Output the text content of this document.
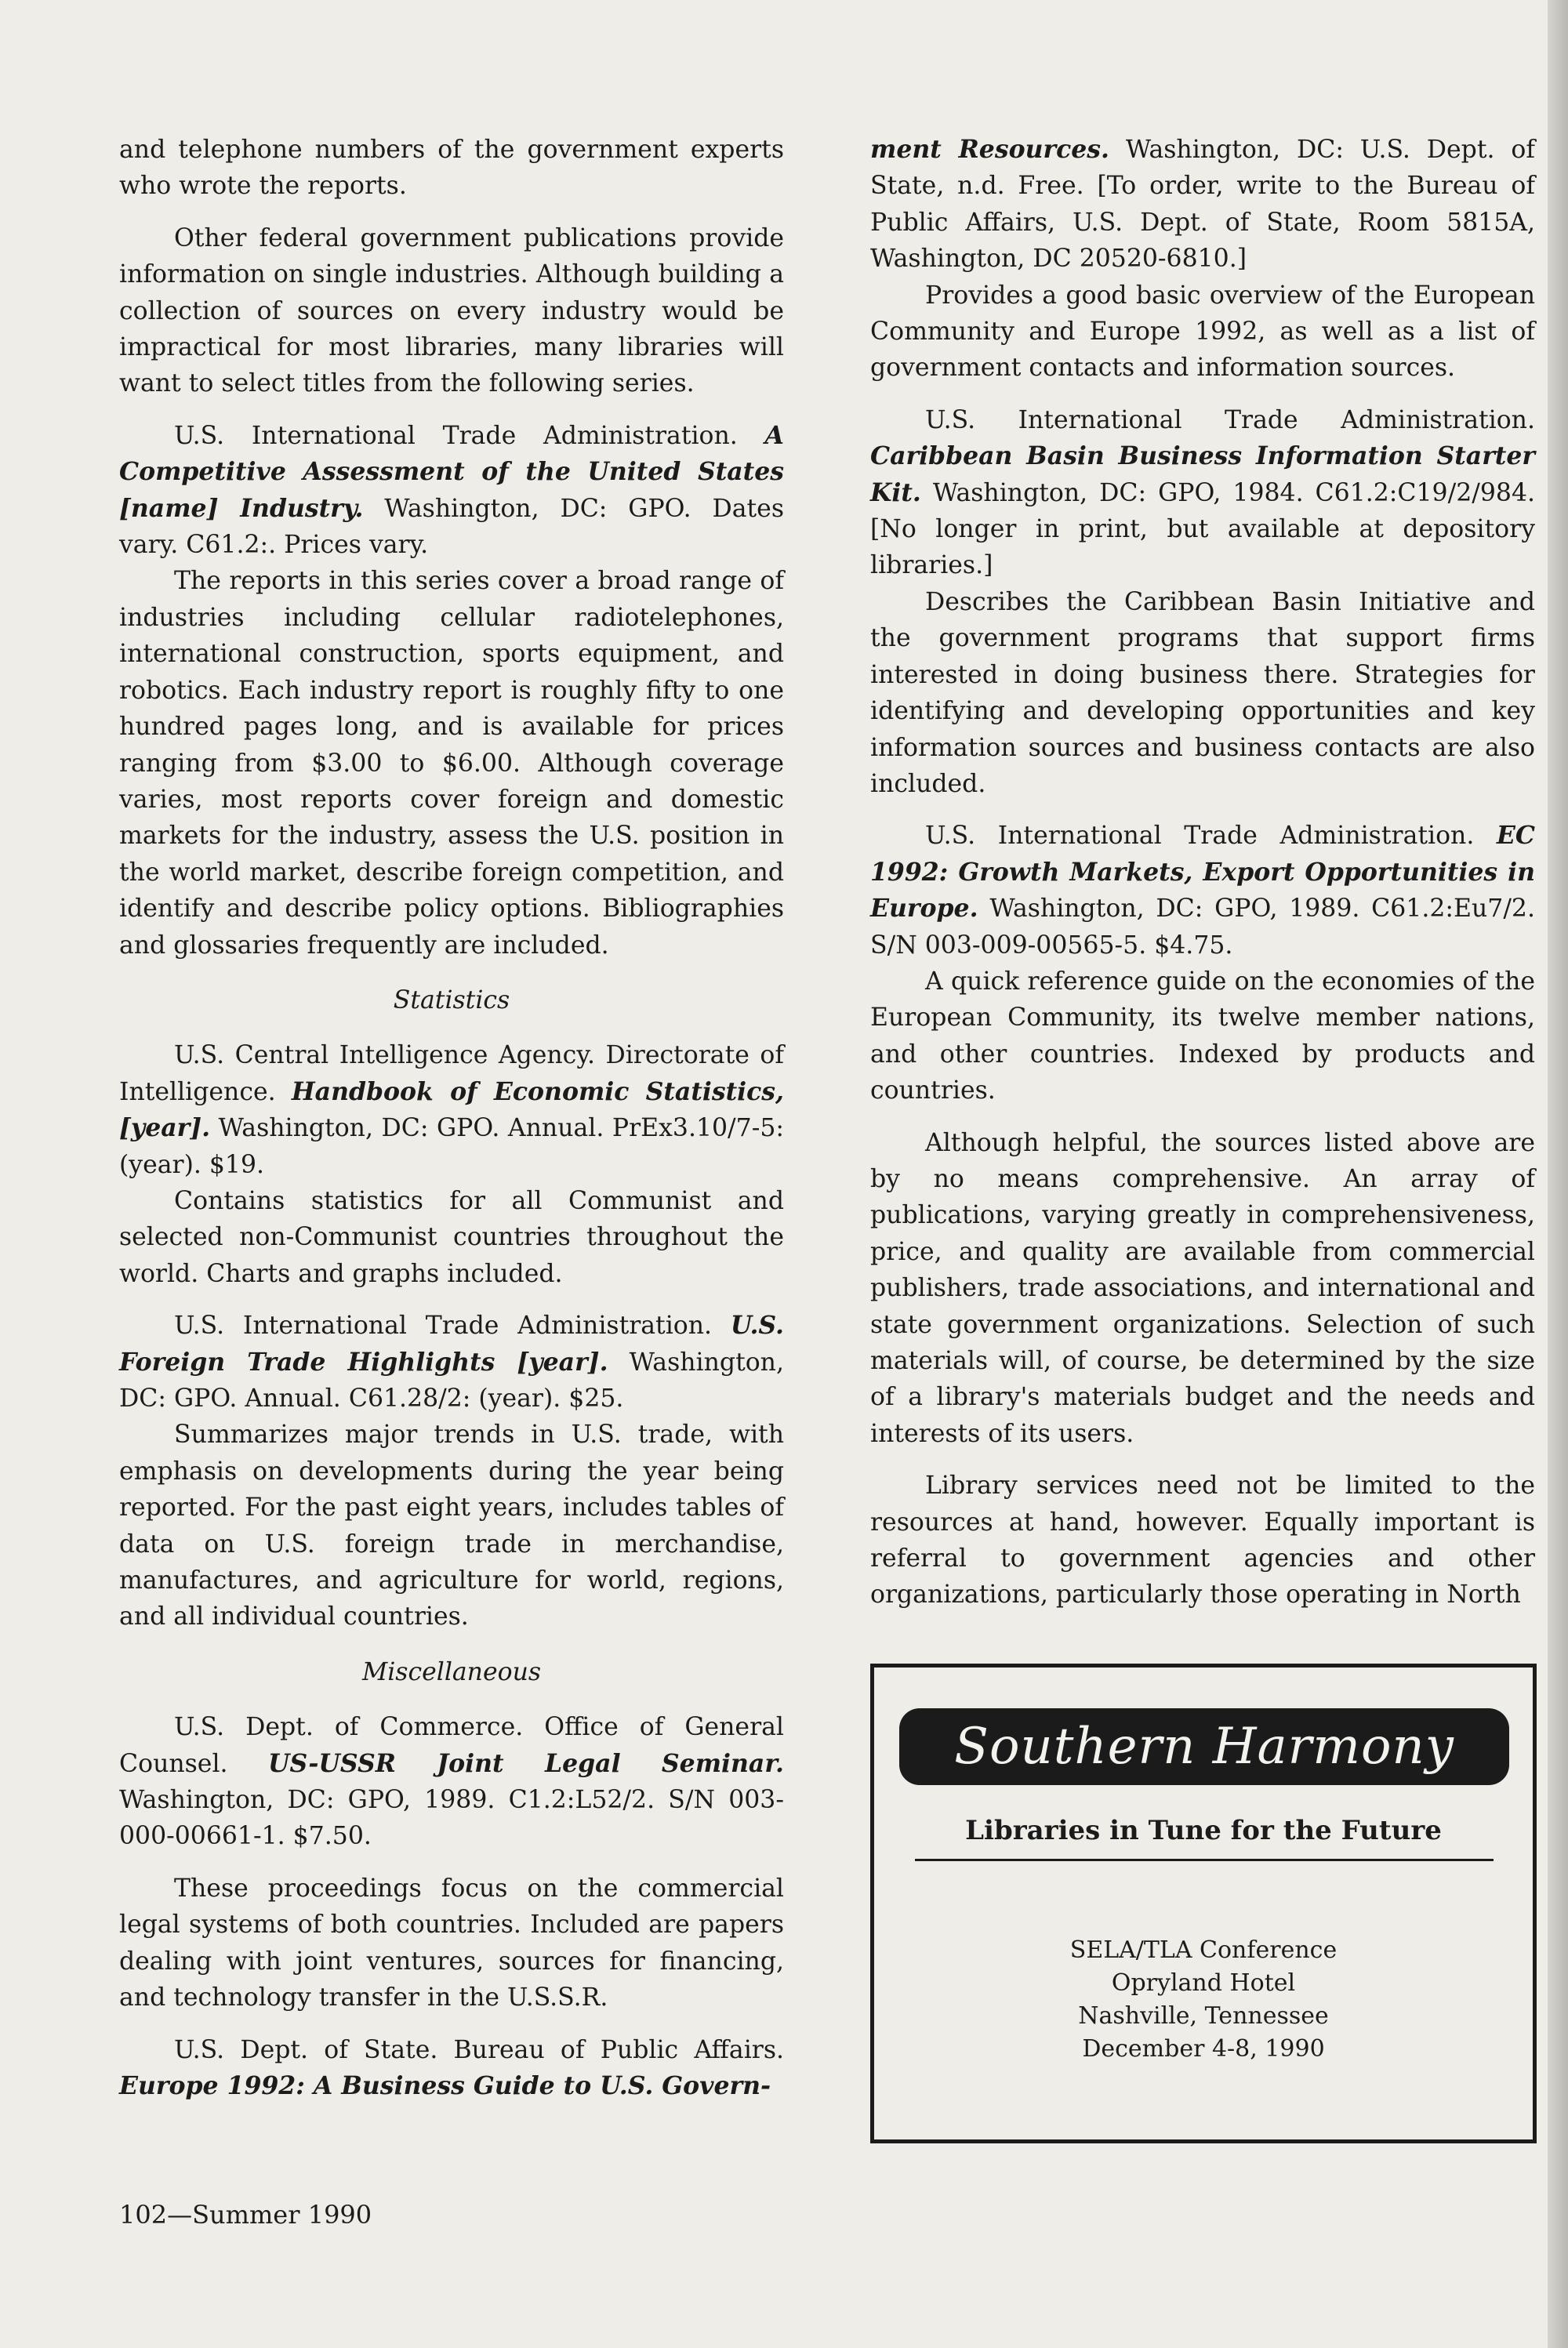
and telephone numbers of the government experts who wrote the reports.

Other federal government publications provide information on single industries. Although building a collection of sources on every industry would be impractical for most libraries, many libraries will want to select titles from the following series.

U.S. International Trade Administration. A Competitive Assessment of the United States [name] Industry. Washington, DC: GPO. Dates vary. C61.2:. Prices vary.

The reports in this series cover a broad range of industries including cellular radiotelephones, international construction, sports equipment, and robotics. Each industry report is roughly fifty to one hundred pages long, and is available for prices ranging from $3.00 to $6.00. Although coverage varies, most reports cover foreign and domestic markets for the industry, assess the U.S. position in the world market, describe foreign competition, and identify and describe policy options. Bibliographies and glossaries frequently are included.

Statistics

U.S. Central Intelligence Agency. Directorate of Intelligence. Handbook of Economic Statistics, [year]. Washington, DC: GPO. Annual. PrEx3.10/7-5: (year). $19.

Contains statistics for all Communist and selected non-Communist countries throughout the world. Charts and graphs included.

U.S. International Trade Administration. U.S. Foreign Trade Highlights [year]. Washington, DC: GPO. Annual. C61.28/2: (year). $25.

Summarizes major trends in U.S. trade, with emphasis on developments during the year being reported. For the past eight years, includes tables of data on U.S. foreign trade in merchandise, manufactures, and agriculture for world, regions, and all individual countries.

Miscellaneous

U.S. Dept. of Commerce. Office of General Counsel. US-USSR Joint Legal Seminar. Washington, DC: GPO, 1989. C1.2:L52/2. S/N 003-000-00661-1. $7.50.

These proceedings focus on the commercial legal systems of both countries. Included are papers dealing with joint ventures, sources for financing, and technology transfer in the U.S.S.R.

U.S. Dept. of State. Bureau of Public Affairs. Europe 1992: A Business Guide to U.S. Govern-

ment Resources. Washington, DC: U.S. Dept. of State, n.d. Free. [To order, write to the Bureau of Public Affairs, U.S. Dept. of State, Room 5815A, Washington, DC 20520-6810.]

Provides a good basic overview of the European Community and Europe 1992, as well as a list of government contacts and information sources.

U.S. International Trade Administration. Caribbean Basin Business Information Starter Kit. Washington, DC: GPO, 1984. C61.2:C19/2/984. [No longer in print, but available at depository libraries.]

Describes the Caribbean Basin Initiative and the government programs that support firms interested in doing business there. Strategies for identifying and developing opportunities and key information sources and business contacts are also included.

U.S. International Trade Administration. EC 1992: Growth Markets, Export Opportunities in Europe. Washington, DC: GPO, 1989. C61.2:Eu7/2. S/N 003-009-00565-5. $4.75.

A quick reference guide on the economies of the European Community, its twelve member nations, and other countries. Indexed by products and countries.

Although helpful, the sources listed above are by no means comprehensive. An array of publications, varying greatly in comprehensiveness, price, and quality are available from commercial publishers, trade associations, and international and state government organizations. Selection of such materials will, of course, be determined by the size of a library's materials budget and the needs and interests of its users.

Library services need not be limited to the resources at hand, however. Equally important is referral to government agencies and other organizations, particularly those operating in North

Southern Harmony
Libraries in Tune for the Future
SELA/TLA Conference
Opryland Hotel
Nashville, Tennessee
December 4-8, 1990
102—Summer 1990
